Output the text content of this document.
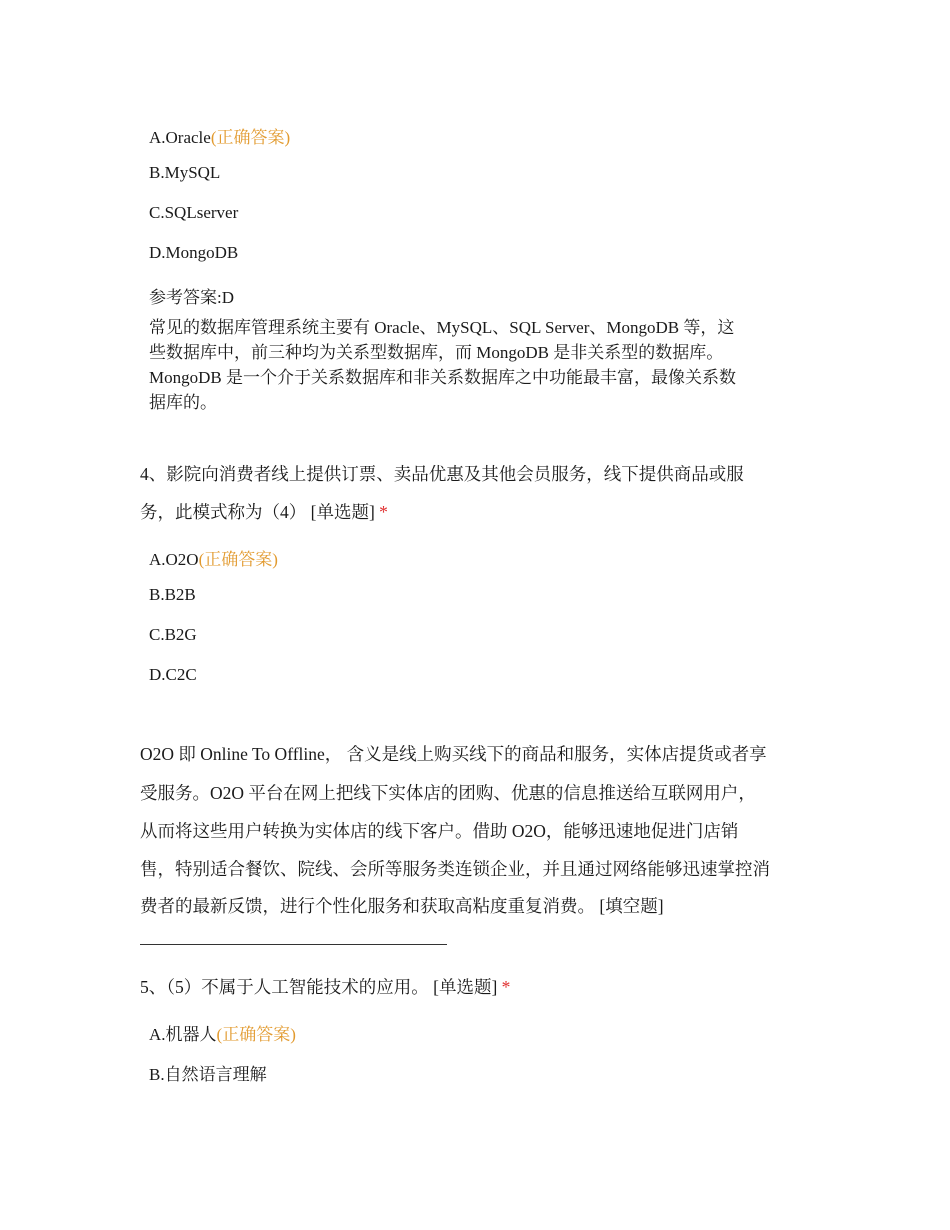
A.Oracle(正确答案)
B.MySQL
C.SQLserver
D.MongoDB
参考答案:D
常见的数据库管理系统主要有 Oracle、MySQL、SQL Server、MongoDB 等，这
些数据库中，前三种均为关系型数据库，而 MongoDB 是非关系型的数据库。
MongoDB 是一个介于关系数据库和非关系数据库之中功能最丰富，最像关系数
据库的。
4、影院向消费者线上提供订票、卖品优惠及其他会员服务，线下提供商品或服
务，此模式称为（4） [单选题] *
A.O2O(正确答案)
B.B2B
C.B2G
D.C2C
O2O 即 Online To Offline， 含义是线上购买线下的商品和服务，实体店提货或者享
受服务。O2O 平台在网上把线下实体店的团购、优惠的信息推送给互联网用户，
从而将这些用户转换为实体店的线下客户。借助 O2O，能够迅速地促进门店销
售，特别适合餐饮、院线、会所等服务类连锁企业，并且通过网络能够迅速掌控消
费者的最新反馈，进行个性化服务和获取高粘度重复消费。 [填空题]
5、（5）不属于人工智能技术的应用。 [单选题] *
A.机器人(正确答案)
B.自然语言理解
